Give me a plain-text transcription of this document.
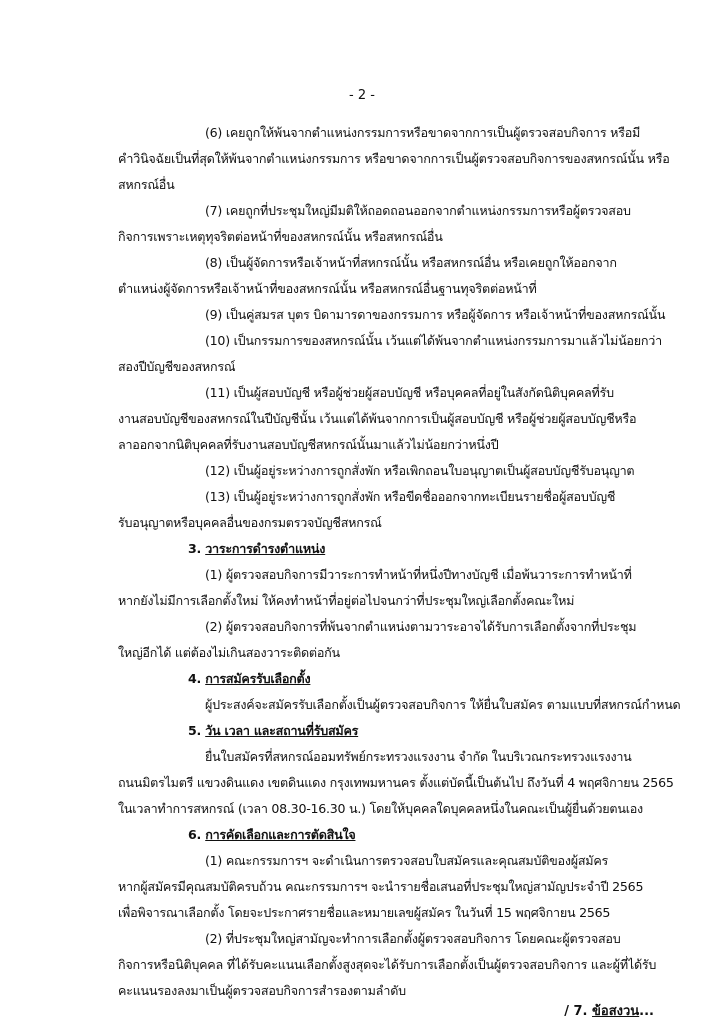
- 2 -
(6) เคยถูกให้พ้นจากตำแหน่งกรรมการหรือขาดจากการเป็นผู้ตรวจสอบกิจการ หรือมี
คำวินิจฉัยเป็นที่สุดให้พ้นจากตำแหน่งกรรมการ หรือขาดจากการเป็นผู้ตรวจสอบกิจการของสหกรณ์นั้น หรือ
สหกรณ์อื่น
(7) เคยถูกที่ประชุมใหญ่มีมติให้ถอดถอนออกจากตำแหน่งกรรมการหรือผู้ตรวจสอบ
กิจการเพราะเหตุทุจริตต่อหน้าที่ของสหกรณ์นั้น หรือสหกรณ์อื่น
(8) เป็นผู้จัดการหรือเจ้าหน้าที่สหกรณ์นั้น หรือสหกรณ์อื่น หรือเคยถูกให้ออกจาก
ตำแหน่งผู้จัดการหรือเจ้าหน้าที่ของสหกรณ์นั้น หรือสหกรณ์อื่นฐานทุจริตต่อหน้าที่
(9) เป็นคู่สมรส บุตร บิดามารดาของกรรมการ หรือผู้จัดการ หรือเจ้าหน้าที่ของสหกรณ์นั้น
(10) เป็นกรรมการของสหกรณ์นั้น เว้นแต่ได้พ้นจากตำแหน่งกรรมการมาแล้วไม่น้อยกว่า
สองปีบัญชีของสหกรณ์
(11) เป็นผู้สอบบัญชี หรือผู้ช่วยผู้สอบบัญชี หรือบุคคลที่อยู่ในสังกัดนิติบุคคลที่รับ
งานสอบบัญชีของสหกรณ์ในปีบัญชีนั้น เว้นแต่ได้พ้นจากการเป็นผู้สอบบัญชี หรือผู้ช่วยผู้สอบบัญชีหรือ
ลาออกจากนิติบุคคลที่รับงานสอบบัญชีสหกรณ์นั้นมาแล้วไม่น้อยกว่าหนึ่งปี
(12) เป็นผู้อยู่ระหว่างการถูกสั่งพัก หรือเพิกถอนใบอนุญาตเป็นผู้สอบบัญชีรับอนุญาต
(13) เป็นผู้อยู่ระหว่างการถูกสั่งพัก หรือขีดชื่อออกจากทะเบียนรายชื่อผู้สอบบัญชี
รับอนุญาตหรือบุคคลอื่นของกรมตรวจบัญชีสหกรณ์
3. วาระการดำรงตำแหน่ง
(1) ผู้ตรวจสอบกิจการมีวาระการทำหน้าที่หนึ่งปีทางบัญชี เมื่อพ้นวาระการทำหน้าที่
หากยังไม่มีการเลือกตั้งใหม่ ให้คงทำหน้าที่อยู่ต่อไปจนกว่าที่ประชุมใหญ่เลือกตั้งคณะใหม่
(2) ผู้ตรวจสอบกิจการที่พ้นจากตำแหน่งตามวาระอาจได้รับการเลือกตั้งจากที่ประชุม
ใหญ่อีกได้ แต่ต้องไม่เกินสองวาระติดต่อกัน
4. การสมัครรับเลือกตั้ง
ผู้ประสงค์จะสมัครรับเลือกตั้งเป็นผู้ตรวจสอบกิจการ ให้ยื่นใบสมัคร ตามแบบที่สหกรณ์กำหนด
5. วัน เวลา และสถานที่รับสมัคร
ยื่นใบสมัครที่สหกรณ์ออมทรัพย์กระทรวงแรงงาน จำกัด ในบริเวณกระทรวงแรงงาน
ถนนมิตรไมตรี แขวงดินแดง เขตดินแดง กรุงเทพมหานคร ตั้งแต่บัดนี้เป็นต้นไป ถึงวันที่ 4 พฤศจิกายน 2565
ในเวลาทำการสหกรณ์ (เวลา 08.30-16.30 น.) โดยให้บุคคลใดบุคคลหนึ่งในคณะเป็นผู้ยื่นด้วยตนเอง
6. การคัดเลือกและการตัดสินใจ
(1) คณะกรรมการฯ จะดำเนินการตรวจสอบใบสมัครและคุณสมบัติของผู้สมัคร
หากผู้สมัครมีคุณสมบัติครบถ้วน คณะกรรมการฯ จะนำรายชื่อเสนอที่ประชุมใหญ่สามัญประจำปี 2565
เพื่อพิจารณาเลือกตั้ง โดยจะประกาศรายชื่อและหมายเลขผู้สมัคร ในวันที่ 15 พฤศจิกายน 2565
(2) ที่ประชุมใหญ่สามัญจะทำการเลือกตั้งผู้ตรวจสอบกิจการ โดยคณะผู้ตรวจสอบ
กิจการหรือนิติบุคคล ที่ได้รับคะแนนเลือกตั้งสูงสุดจะได้รับการเลือกตั้งเป็นผู้ตรวจสอบกิจการ และผู้ที่ได้รับ
คะแนนรองลงมาเป็นผู้ตรวจสอบกิจการสำรองตามลำดับ
/ 7. ข้อสงวน...
